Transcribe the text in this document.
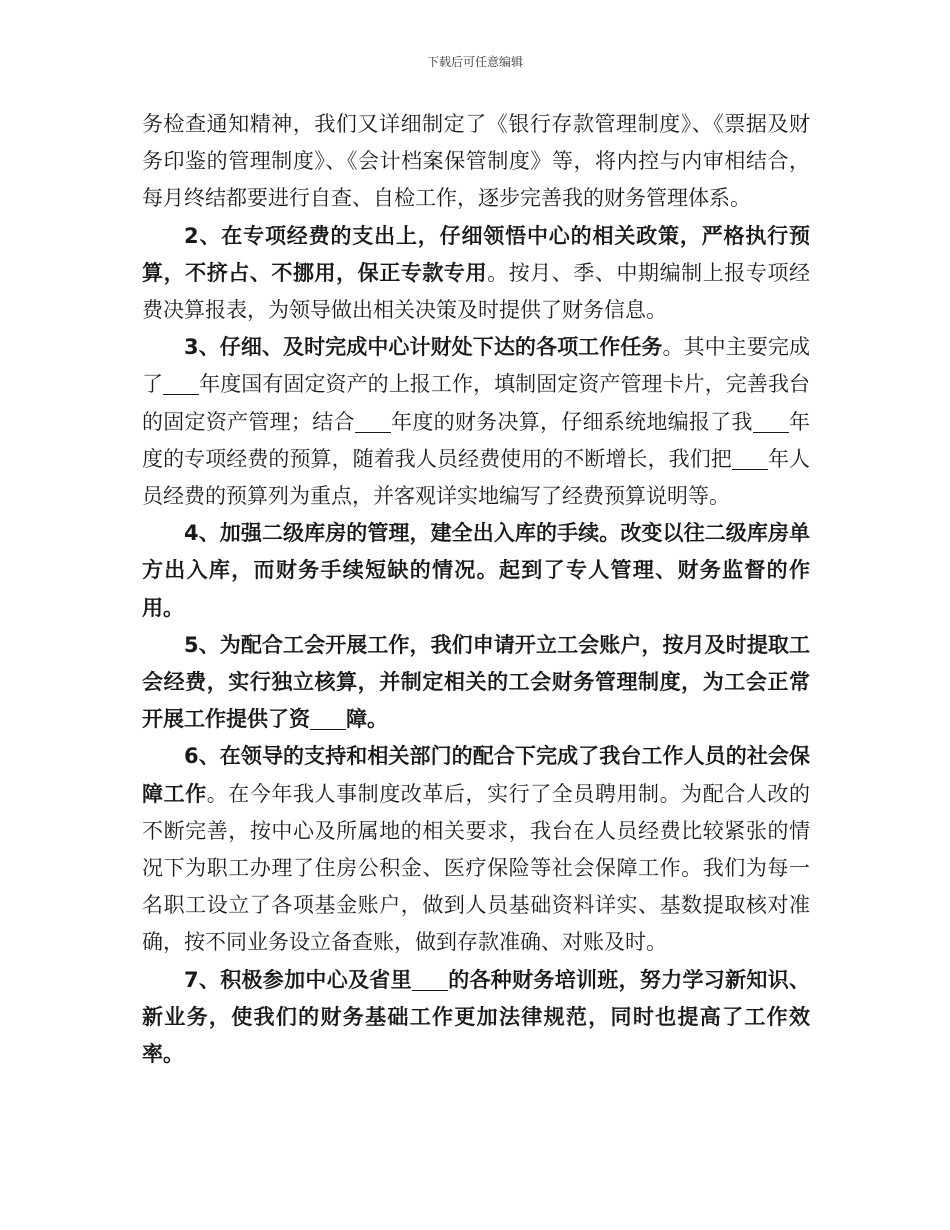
下载后可任意编辑

务检查通知精神，我们又详细制定了《银行存款管理制度》、《票据及财务印鉴的管理制度》、《会计档案保管制度》等，将内控与内审相结合，每月终结都要进行自查、自检工作，逐步完善我的财务管理体系。

2、在专项经费的支出上，仔细领悟中心的相关政策，严格执行预算，不挤占、不挪用，保正专款专用。按月、季、中期编制上报专项经费决算报表，为领导做出相关决策及时提供了财务信息。

3、仔细、及时完成中心计财处下达的各项工作任务。其中主要完成了 年度国有固定资产的上报工作，填制固定资产管理卡片，完善我台的固定资产管理；结合 年度的财务决算，仔细系统地编报了我 年度的专项经费的预算，随着我人员经费使用的不断增长，我们把 年人员经费的预算列为重点，并客观详实地编写了经费预算说明等。

4、加强二级库房的管理，建全出入库的手续。改变以往二级库房单方出入库，而财务手续短缺的情况。起到了专人管理、财务监督的作用。

5、为配合工会开展工作，我们申请开立工会账户，按月及时提取工会经费，实行独立核算，并制定相关的工会财务管理制度，为工会正常开展工作提供了资 障。

6、在领导的支持和相关部门的配合下完成了我台工作人员的社会保障工作。在今年我人事制度改革后，实行了全员聘用制。为配合人改的不断完善，按中心及所属地的相关要求，我台在人员经费比较紧张的情况下为职工办理了住房公积金、医疗保险等社会保障工作。我们为每一名职工设立了各项基金账户，做到人员基础资料详实、基数提取核对准确，按不同业务设立备查账，做到存款准确、对账及时。

7、积极参加中心及省里 的各种财务培训班，努力学习新知识、新业务，使我们的财务基础工作更加法律规范，同时也提高了工作效率。
